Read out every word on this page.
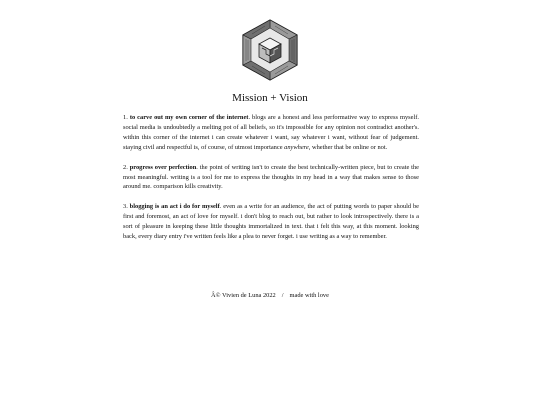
Mission + Vision

1. to carve out my own corner of the internet. blogs are a honest and less performative way to express myself. social media is undoubtedly a melting pot of all beliefs, so it's impossible for any opinion not contradict another's. within this corner of the internet i can create whatever i want, say whatever i want, without fear of judgement. staying civil and respectful is, of course, of utmost importance anywhere, whether that be online or not.

2. progress over perfection. the point of writing isn't to create the best technically-written piece, but to create the most meaningful. writing is a tool for me to express the thoughts in my head in a way that makes sense to those around me. comparison kills creativity.

3. blogging is an act i do for myself. even as a write for an audience, the act of putting words to paper should be first and foremost, an act of love for myself. i don't blog to reach out, but rather to look introspectively. there is a sort of pleasure in keeping these little thoughts immortalized in text. that i felt this way, at this moment. looking back, every diary entry i've written feels like a plea to never forget. i use writing as a way to remember.

Â© Vivien de Luna 2022 / made with love
